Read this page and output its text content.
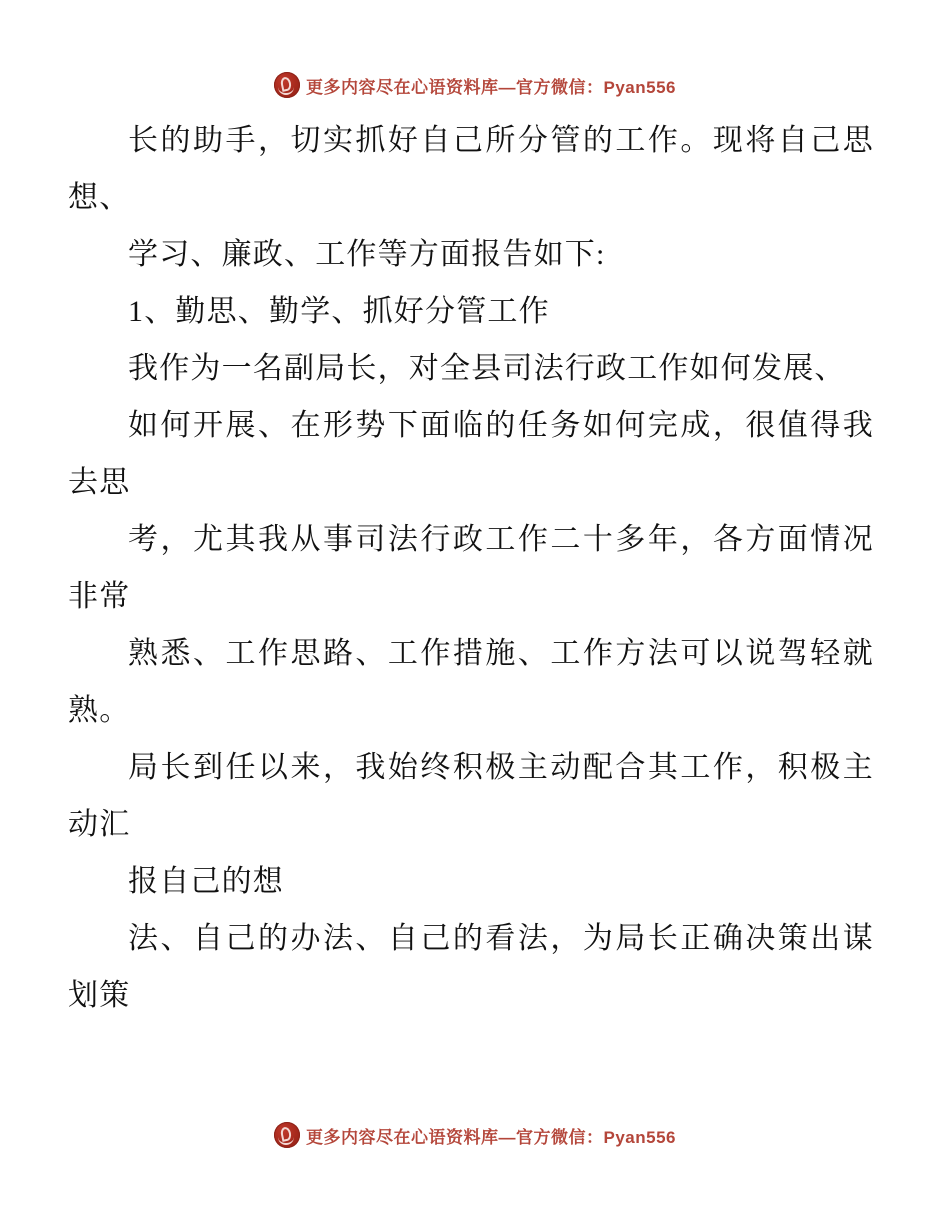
更多内容尽在心语资料库—官方微信：Pyan556

长的助手，切实抓好自己所分管的工作。现将自己思想、

学习、廉政、工作等方面报告如下:

1、勤思、勤学、抓好分管工作

我作为一名副局长，对全县司法行政工作如何发展、

如何开展、在形势下面临的任务如何完成，很值得我去思

考，尤其我从事司法行政工作二十多年，各方面情况非常

熟悉、工作思路、工作措施、工作方法可以说驾轻就熟。

局长到任以来，我始终积极主动配合其工作，积极主动汇

报自己的想

法、自己的办法、自己的看法，为局长正确决策出谋划策

更多内容尽在心语资料库—官方微信：Pyan556
